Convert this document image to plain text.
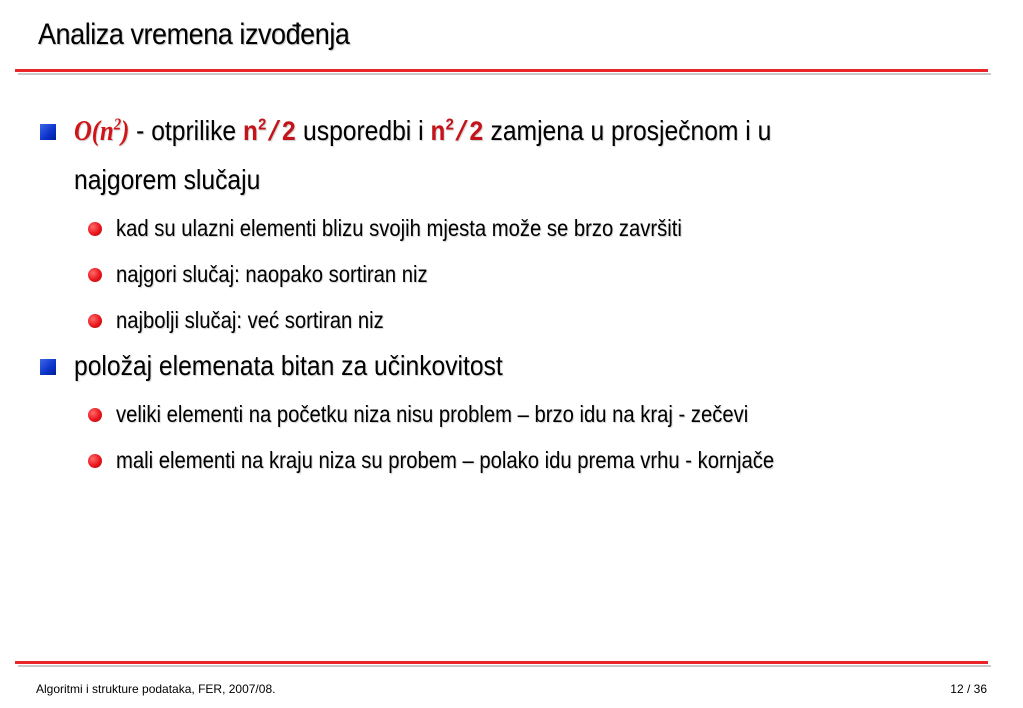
Analiza vremena izvođenja
$O(n^2)$ - otprilike $n^2/2$ usporedbi i $n^2/2$ zamjena u prosječnom i u
najgorem slučaju
kad su ulazni elementi blizu svojih mjesta može se brzo završiti
najgori slučaj: naopako sortiran niz
najbolji slučaj: već sortiran niz
položaj elemenata bitan za učinkovitost
veliki elementi na početku niza nisu problem – brzo idu na kraj - zečevi
mali elementi na kraju niza su probem – polako idu prema vrhu - kornjače
Algoritmi i strukture podataka, FER, 2007/08.	12 / 36
